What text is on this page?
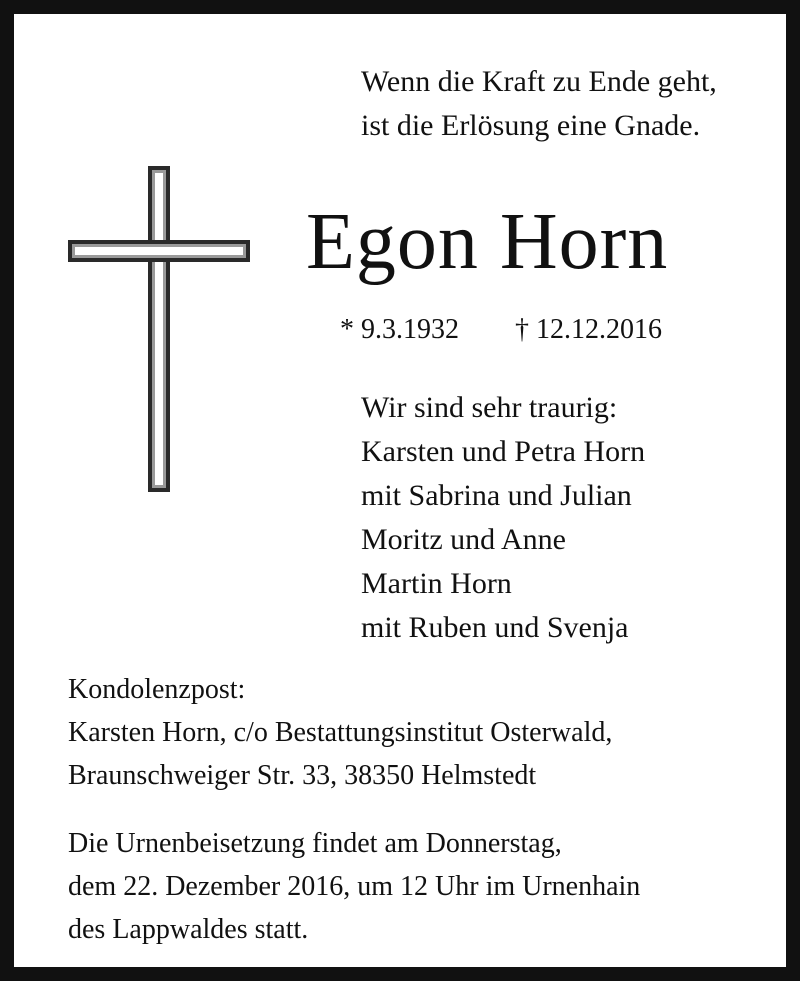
Wenn die Kraft zu Ende geht,
ist die Erlösung eine Gnade.
Egon Horn
* 9.3.1932 † 12.12.2016
Wir sind sehr traurig:
Karsten und Petra Horn
mit Sabrina und Julian
Moritz und Anne
Martin Horn
mit Ruben und Svenja
Kondolenzpost:
Karsten Horn, c/o Bestattungsinstitut Osterwald,
Braunschweiger Str. 33, 38350 Helmstedt
Die Urnenbeisetzung findet am Donnerstag,
dem 22. Dezember 2016, um 12 Uhr im Urnenhain
des Lappwaldes statt.
